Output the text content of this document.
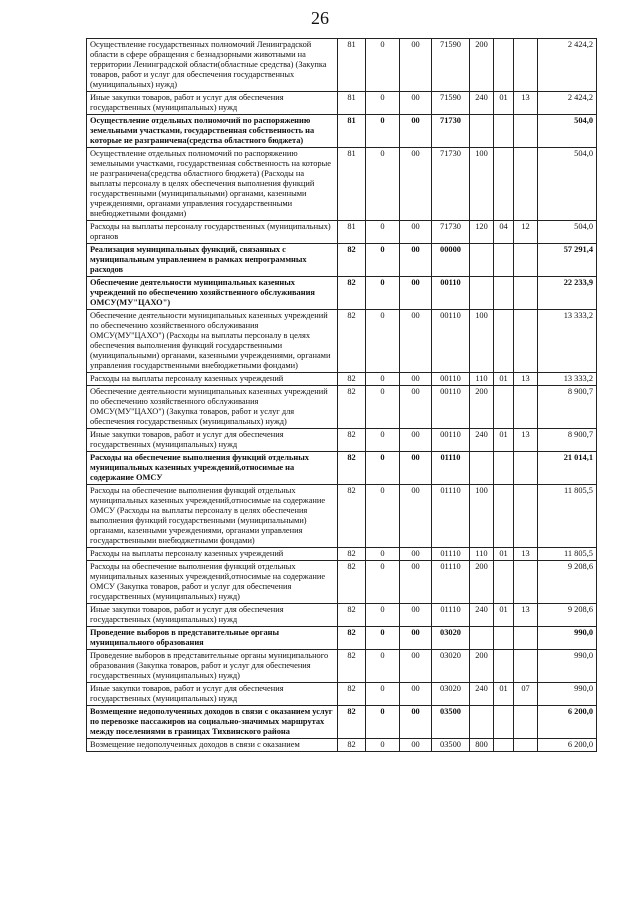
26
Осуществление государственных полномочий Ленинградской области в сфере обращения с безнадзорными животными на территории Ленинградской области(областные средства) (Закупка товаров, работ и услуг для обеспечения государственных (муниципальных) нужд)	81	0	00	71590	200			2 424,2
Иные закупки товаров, работ и услуг для обеспечения государственных (муниципальных) нужд	81	0	00	71590	240	01	13	2 424,2
Осуществление отдельных полномочий по распоряжению земельными участками, государственная собственность на которые не разграничена(средства областного бюджета)	81	0	00	71730				504,0
Осуществление отдельных полномочий по распоряжению земельными участками, государственная собственность на которые не разграничена(средства областного бюджета) (Расходы на выплаты персоналу в целях обеспечения выполнения функций государственными (муниципальными) органами, казенными учреждениями, органами управления государственными внебюджетными фондами)	81	0	00	71730	100			504,0
Расходы на выплаты персоналу государственных (муниципальных) органов	81	0	00	71730	120	04	12	504,0
Реализация муниципальных функций, связанных с муниципальным управлением в рамках непрограммных расходов	82	0	00	00000				57 291,4
Обеспечение деятельности муниципальных казенных учреждений по обеспечению хозяйственного обслуживания ОМСУ(МУ"ЦАХО")	82	0	00	00110				22 233,9
Обеспечение деятельности муниципальных казенных учреждений по обеспечению хозяйственного обслуживания ОМСУ(МУ"ЦАХО") (Расходы на выплаты персоналу в целях обеспечения выполнения функций государственными (муниципальными) органами, казенными учреждениями, органами управления государственными внебюджетными фондами)	82	0	00	00110	100			13 333,2
Расходы на выплаты персоналу казенных учреждений	82	0	00	00110	110	01	13	13 333,2
Обеспечение деятельности муниципальных казенных учреждений по обеспечению хозяйственного обслуживания ОМСУ(МУ"ЦАХО") (Закупка товаров, работ и услуг для обеспечения государственных (муниципальных) нужд)	82	0	00	00110	200			8 900,7
Иные закупки товаров, работ и услуг для обеспечения государственных (муниципальных) нужд	82	0	00	00110	240	01	13	8 900,7
Расходы на обеспечение выполнения функций отдельных муниципальных казенных учреждений,относимые на содержание ОМСУ	82	0	00	01110				21 014,1
Расходы на обеспечение выполнения функций отдельных муниципальных казенных учреждений,относимые на содержание ОМСУ (Расходы на выплаты персоналу в целях обеспечения выполнения функций государственными (муниципальными) органами, казенными учреждениями, органами управления государственными внебюджетными фондами)	82	0	00	01110	100			11 805,5
Расходы на выплаты персоналу казенных учреждений	82	0	00	01110	110	01	13	11 805,5
Расходы на обеспечение выполнения функций отдельных муниципальных казенных учреждений,относимые на содержание ОМСУ (Закупка товаров, работ и услуг для обеспечения государственных (муниципальных) нужд)	82	0	00	01110	200			9 208,6
Иные закупки товаров, работ и услуг для обеспечения государственных (муниципальных) нужд	82	0	00	01110	240	01	13	9 208,6
Проведение выборов в представительные органы муниципального образования	82	0	00	03020				990,0
Проведение выборов в представительные органы муниципального образования (Закупка товаров, работ и услуг для обеспечения государственных (муниципальных) нужд)	82	0	00	03020	200			990,0
Иные закупки товаров, работ и услуг для обеспечения государственных (муниципальных) нужд	82	0	00	03020	240	01	07	990,0
Возмещение недополученных доходов в связи с оказанием услуг по перевозке пассажиров на социально-значимых маршрутах между поселениями в границах Тихвинского района	82	0	00	03500				6 200,0
Возмещение недополученных доходов в связи с оказанием	82	0	00	03500	800			6 200,0
